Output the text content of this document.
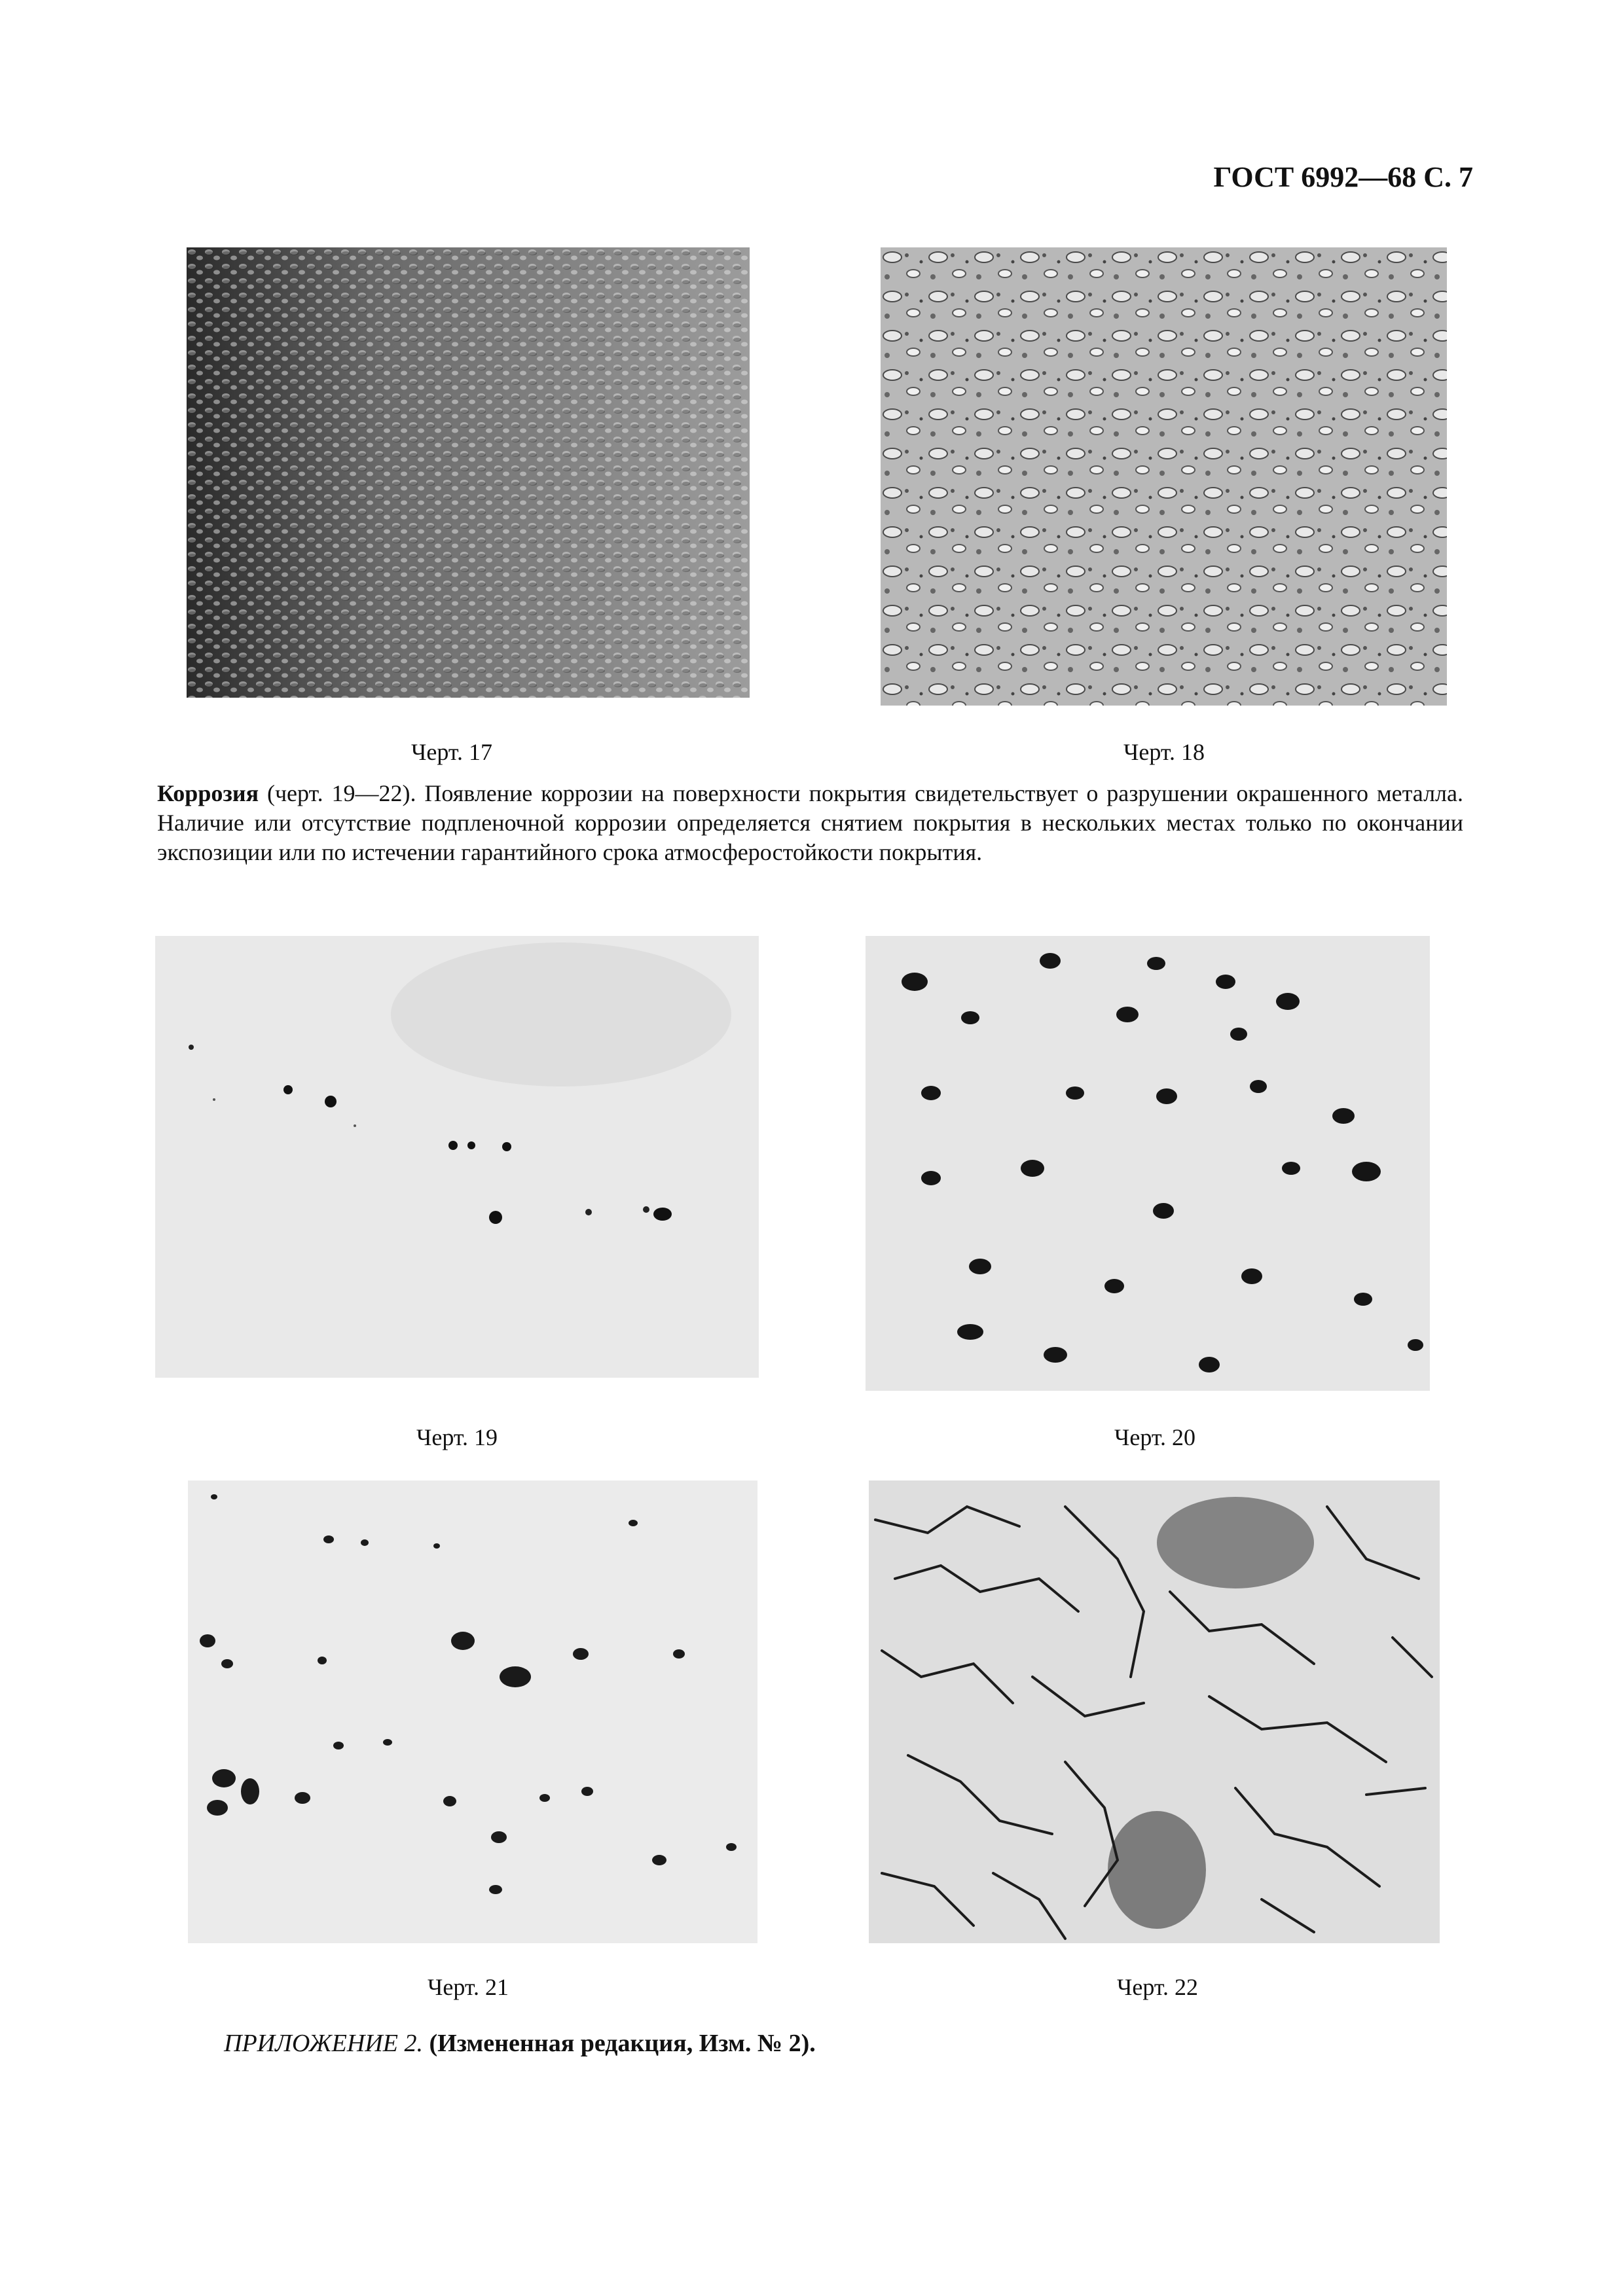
ГОСТ 6992—68 С. 7
Черт. 17	Черт. 18
Коррозия (черт. 19—22). Появление коррозии на поверхности покрытия свидетельствует о разрушении окрашенного металла. Наличие или отсутствие подпленочной коррозии определяется снятием покрытия в нескольких местах только по окончании экспозиции или по истечении гарантийного срока атмосферостойкости покрытия.
Черт. 19	Черт. 20
Черт. 21	Черт. 22
ПРИЛОЖЕНИЕ 2. (Измененная редакция, Изм. № 2).
